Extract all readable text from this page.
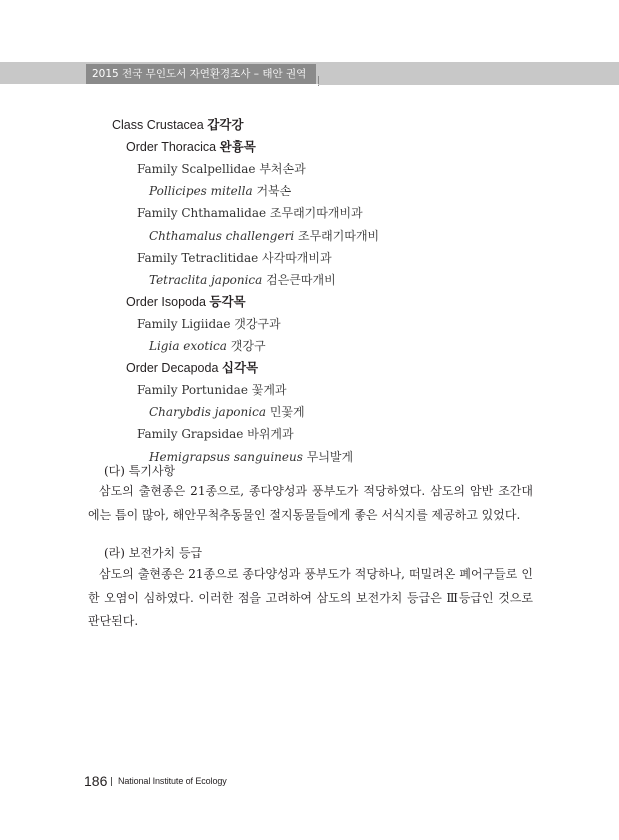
2015 전국 무인도서 자연환경조사 – 태안 권역
Class Crustacea 갑각강
Order Thoracica 완흉목
Family Scalpellidae 부처손과
Pollicipes mitella 거북손
Family Chthamalidae 조무래기따개비과
Chthamalus challengeri 조무래기따개비
Family Tetraclitidae 사각따개비과
Tetraclita japonica 검은큰따개비
Order Isopoda 등각목
Family Ligiidae 갯강구과
Ligia exotica 갯강구
Order Decapoda 십각목
Family Portunidae 꽃게과
Charybdis japonica 민꽃게
Family Grapsidae 바위게과
Hemigrapsus sanguineus 무늬발게
(다) 특기사항
삼도의 출현종은 21종으로, 종다양성과 풍부도가 적당하였다. 삼도의 암반 조간대에는 틈이 많아, 해안무척추동물인 절지동물들에게 좋은 서식지를 제공하고 있었다.
(라) 보전가치 등급
삼도의 출현종은 21종으로 종다양성과 풍부도가 적당하나, 떠밀려온 폐어구들로 인한 오염이 심하였다. 이러한 점을 고려하여 삼도의 보전가치 등급은 Ⅲ등급인 것으로 판단된다.
186 National Institute of Ecology
